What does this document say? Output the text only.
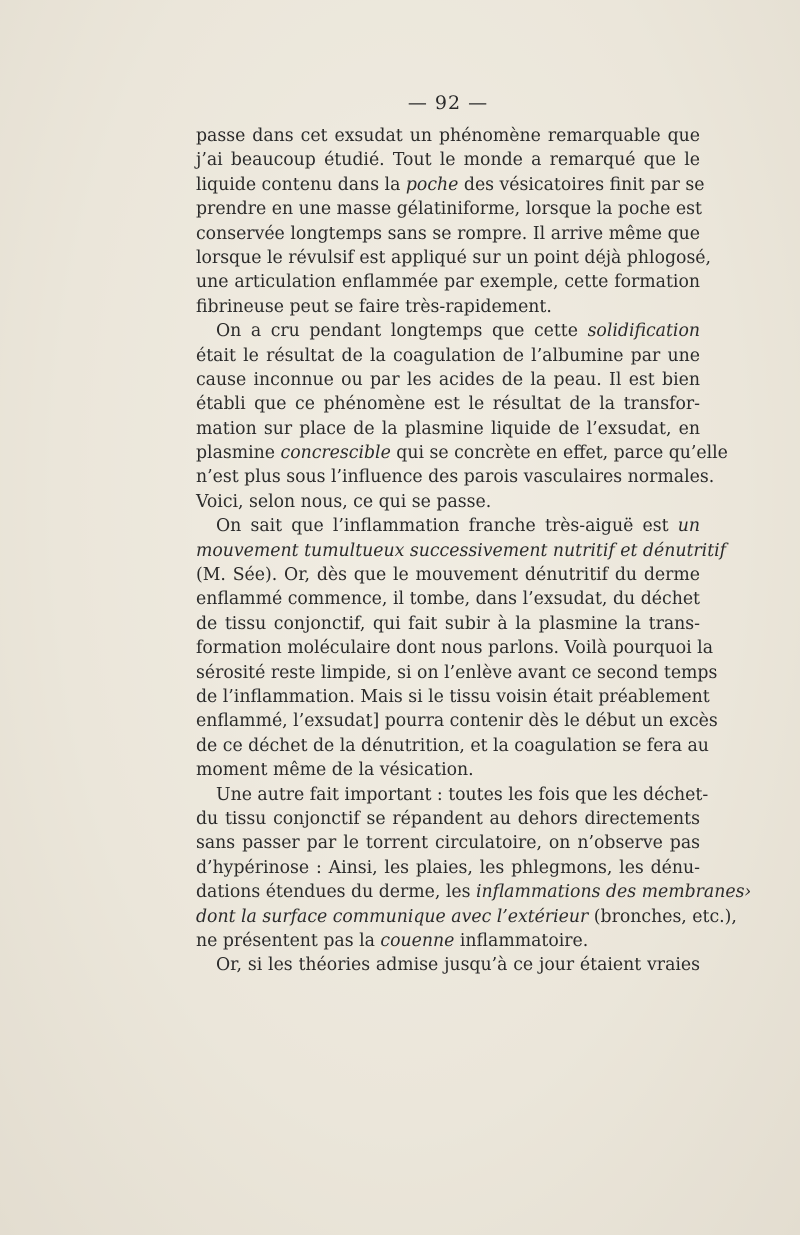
— 92 —
passe dans cet exsudat un phénomène remarquable que
j’ai beaucoup étudié. Tout le monde a remarqué que le
liquide contenu dans la poche des vésicatoires finit par se
prendre en une masse gélatiniforme, lorsque la poche est
conservée longtemps sans se rompre. Il arrive même que
lorsque le révulsif est appliqué sur un point déjà phlogosé,
une articulation enflammée par exemple, cette formation
fibrineuse peut se faire très-rapidement.
On a cru pendant longtemps que cette solidification
était le résultat de la coagulation de l’albumine par une
cause inconnue ou par les acides de la peau. Il est bien
établi que ce phénomène est le résultat de la transfor-
mation sur place de la plasmine liquide de l’exsudat, en
plasmine concrescible qui se concrète en effet, parce qu’elle
n’est plus sous l’influence des parois vasculaires normales.
Voici, selon nous, ce qui se passe.
On sait que l’inflammation franche très-aiguë est un
mouvement tumultueux successivement nutritif et dénutritif
(M. Sée). Or, dès que le mouvement dénutritif du derme
enflammé commence, il tombe, dans l’exsudat, du déchet
de tissu conjonctif, qui fait subir à la plasmine la trans-
formation moléculaire dont nous parlons. Voilà pourquoi la
sérosité reste limpide, si on l’enlève avant ce second temps
de l’inflammation. Mais si le tissu voisin était préablement
enflammé, l’exsudat] pourra contenir dès le début un excès
de ce déchet de la dénutrition, et la coagulation se fera au
moment même de la vésication.
Une autre fait important : toutes les fois que les déchet-
du tissu conjonctif se répandent au dehors directements
sans passer par le torrent circulatoire, on n’observe pas
d’hypérinose : Ainsi, les plaies, les phlegmons, les dénu-
dations étendues du derme, les inflammations des membranes›
dont la surface communique avec l’extérieur (bronches, etc.),
ne présentent pas la couenne inflammatoire.
Or, si les théories admise jusqu’à ce jour étaient vraies
